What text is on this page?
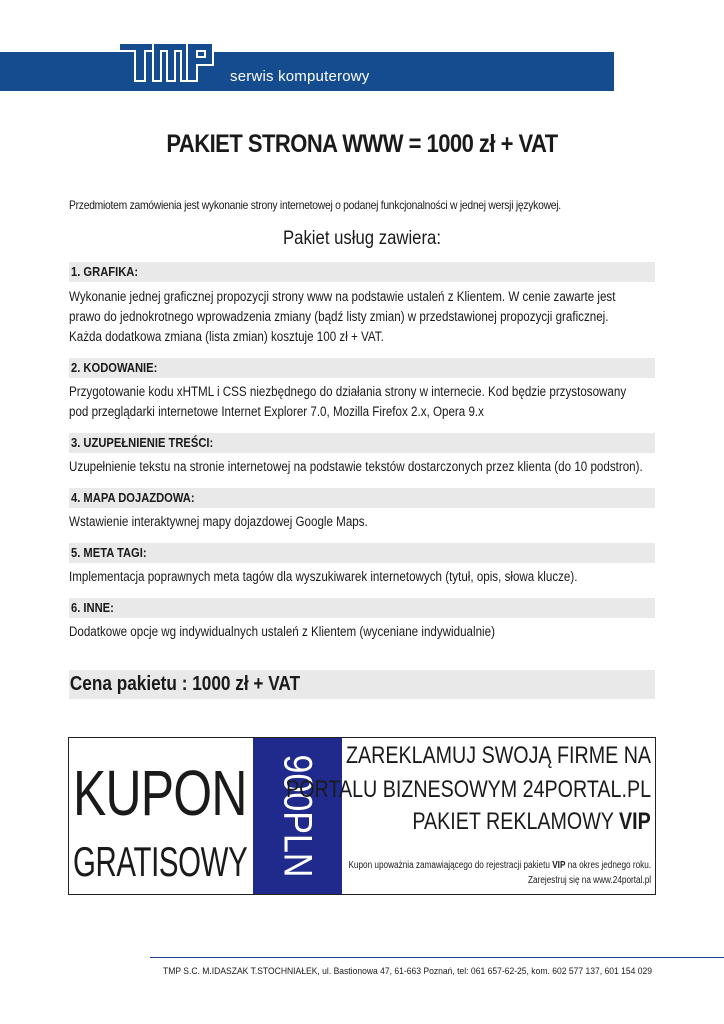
serwis komputerowy
PAKIET STRONA WWW = 1000 zł + VAT
Przedmiotem zamówienia jest wykonanie strony internetowej o podanej funkcjonalności w jednej wersji językowej.
Pakiet usług zawiera:
1. GRAFIKA:
Wykonanie jednej graficznej propozycji strony www na podstawie ustaleń z Klientem. W cenie zawarte jest
prawo do jednokrotnego wprowadzenia zmiany (bądź listy zmian) w przedstawionej propozycji graficznej.
Każda dodatkowa zmiana (lista zmian) kosztuje 100 zł + VAT.
2. KODOWANIE:
Przygotowanie kodu xHTML i CSS niezbędnego do działania strony w internecie. Kod będzie przystosowany
pod przeglądarki internetowe Internet Explorer 7.0, Mozilla Firefox 2.x, Opera 9.x
3. UZUPEŁNIENIE TREŚCI:
Uzupełnienie tekstu na stronie internetowej na podstawie tekstów dostarczonych przez klienta (do 10 podstron).
4. MAPA DOJAZDOWA:
Wstawienie interaktywnej mapy dojazdowej Google Maps.
5. META TAGI:
Implementacja poprawnych meta tagów dla wyszukiwarek internetowych (tytuł, opis, słowa klucze).
6. INNE:
Dodatkowe opcje wg indywidualnych ustaleń z Klientem (wyceniane indywidualnie)
Cena pakietu : 1000 zł + VAT
KUPON
GRATISOWY 900PLN ZAREKLAMUJ SWOJĄ FIRME NA
PORTALU BIZNESOWYM 24PORTAL.PL
PAKIET REKLAMOWY VIP
Kupon upoważnia zamawiającego do rejestracji pakietu VIP na okres jednego roku.
Zarejestruj się na www.24portal.pl
TMP S.C. M.IDASZAK T.STOCHNIAŁEK, ul. Bastionowa 47, 61-663 Poznań, tel: 061 657-62-25, kom. 602 577 137, 601 154 029
